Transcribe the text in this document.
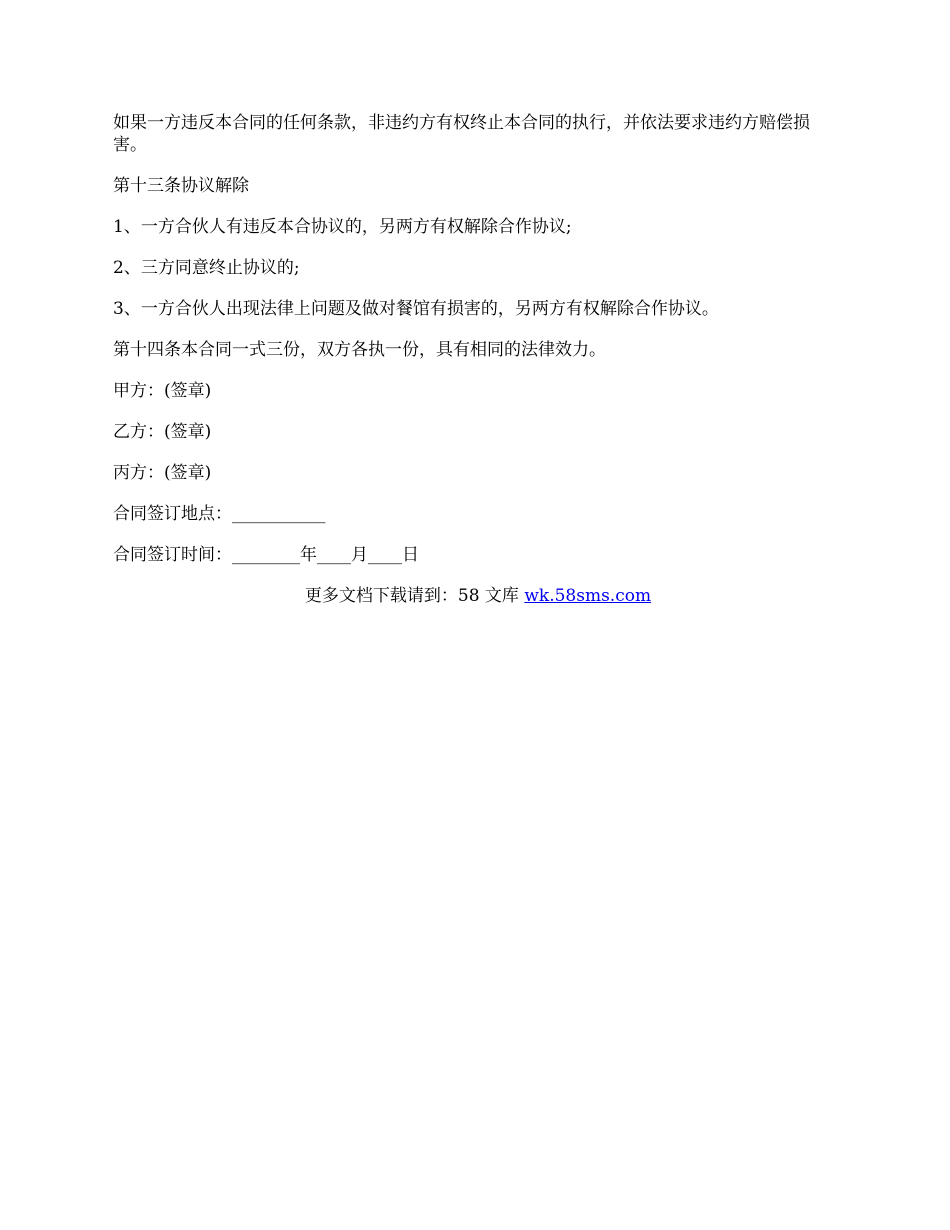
如果一方违反本合同的任何条款，非违约方有权终止本合同的执行，并依法要求违约方赔偿损害。

第十三条协议解除

1、一方合伙人有违反本合协议的，另两方有权解除合作协议;

2、三方同意终止协议的;

3、一方合伙人出现法律上问题及做对餐馆有损害的，另两方有权解除合作协议。

第十四条本合同一式三份，双方各执一份，具有相同的法律效力。

甲方：(签章)

乙方：(签章)

丙方：(签章)

合同签订地点：___________

合同签订时间：________年____月____日

更多文档下载请到：58 文库 wk.58sms.com
